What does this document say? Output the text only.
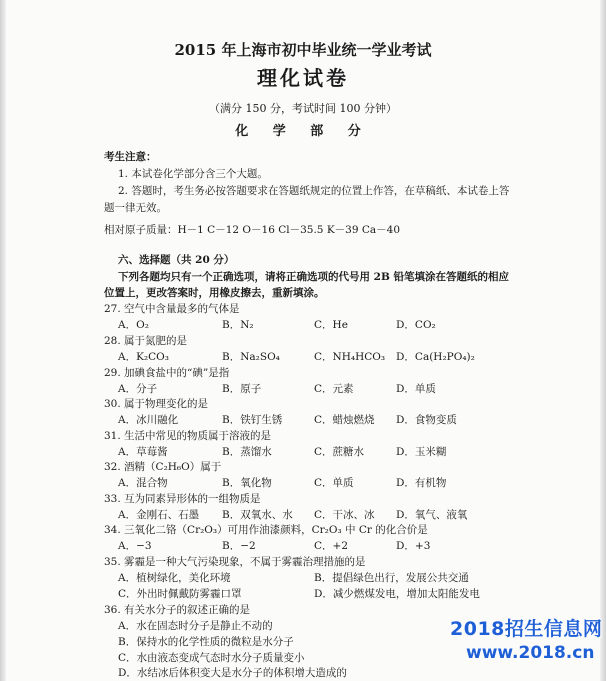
2015 年上海市初中毕业统一学业考试
理化试卷
（满分 150 分，考试时间 100 分钟）
化 学 部 分
考生注意：
1. 本试卷化学部分含三个大题。
2. 答题时，考生务必按答题要求在答题纸规定的位置上作答，在草稿纸、本试卷上答
题一律无效。
相对原子质量：H－1 C－12 O－16 Cl－35.5 K－39 Ca－40
六、选择题（共 20 分）
下列各题均只有一个正确选项，请将正确选项的代号用 2B 铅笔填涂在答题纸的相应
位置上，更改答案时，用橡皮擦去，重新填涂。
27. 空气中含量最多的气体是
A．O₂	B．N₂	C．He	D．CO₂
28. 属于氮肥的是
A．K₂CO₃	B．Na₂SO₄	C．NH₄HCO₃ D．Ca(H₂PO₄)₂
29. 加碘食盐中的“碘”是指
A．分子	B．原子	C．元素	D．单质
30. 属于物理变化的是
A．冰川融化	B．铁钉生锈	C．蜡烛燃烧 D．食物变质
31. 生活中常见的物质属于溶液的是
A．草莓酱	B．蒸馏水	C．蔗糖水	D．玉米糊
32. 酒精（C₂H₆O）属于
A．混合物	B．氧化物	C．单质	D．有机物
33. 互为同素异形体的一组物质是
A．金刚石、石墨 B．双氧水、水 C．干冰、冰 D．氧气、液氧
34. 三氧化二铬（Cr₂O₃）可用作油漆颜料，Cr₂O₃ 中 Cr 的化合价是
A．−3	B．−2	C．+2	D．+3
35. 雾霾是一种大气污染现象，不属于雾霾治理措施的是
A．植树绿化，美化环境	B．提倡绿色出行，发展公共交通
C．外出时佩戴防雾霾口罩	D．减少燃煤发电，增加太阳能发电
36. 有关水分子的叙述正确的是
A．水在固态时分子是静止不动的
B．保持水的化学性质的微粒是水分子
C．水由液态变成气态时水分子质量变小
D．水结冰后体积变大是水分子的体积增大造成的
2018招生信息网
www.2018.cn
